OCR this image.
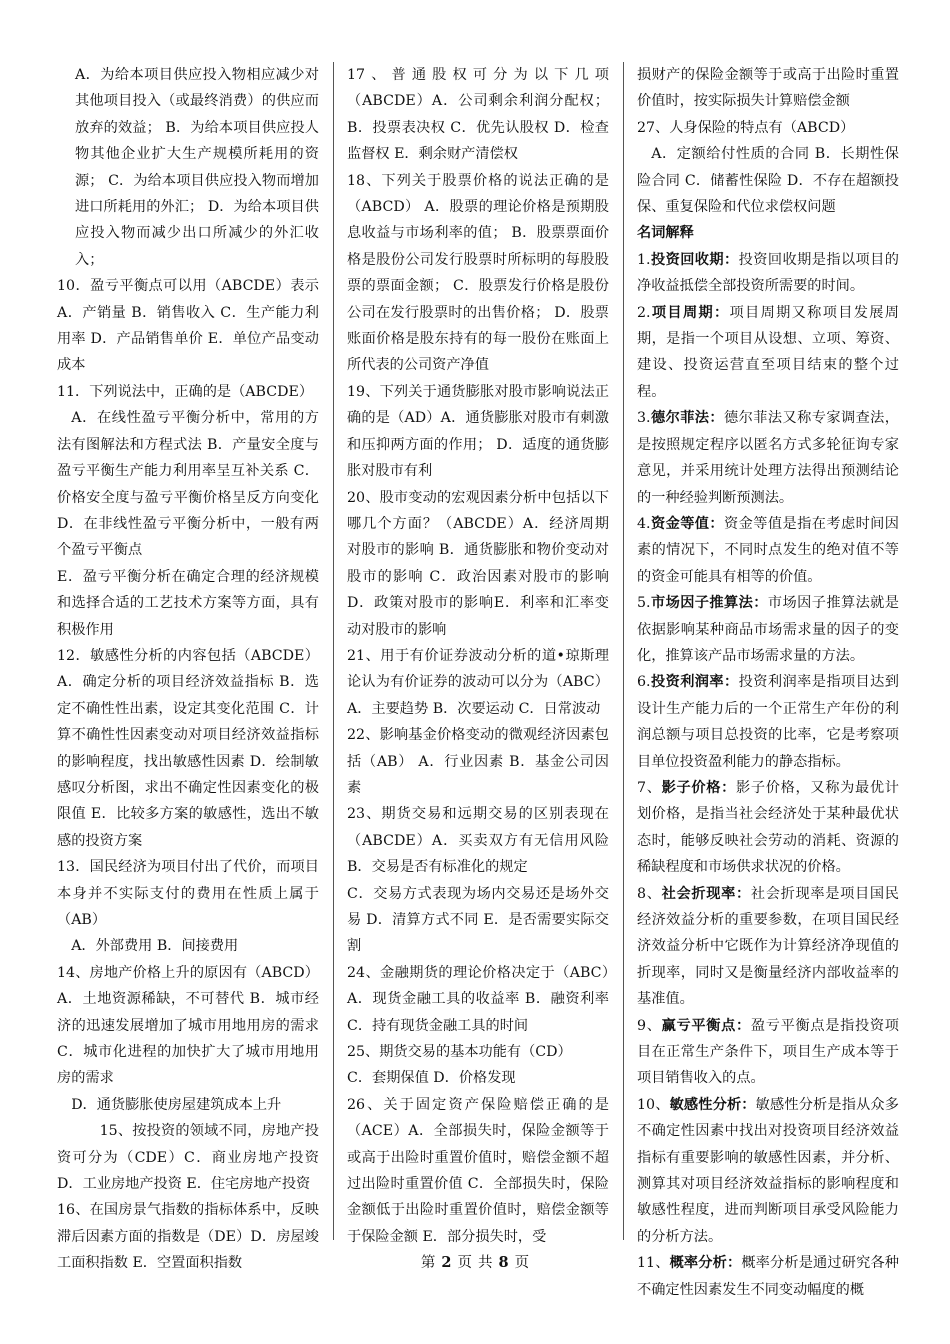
A．为给本项目供应投入物相应减少对其他项目投入（或最终消费）的供应而放弃的效益； B．为给本项目供应投人物其他企业扩大生产规模所耗用的资源； C．为给本项目供应投入物而增加进口所耗用的外汇； D．为给本项目供应投入物而减少出口所减少的外汇收入；

10．盈亏平衡点可以用（ABCDE）表示A．产销量 B．销售收入 C．生产能力利用率 D．产品销售单价 E．单位产品变动成本

11．下列说法中，正确的是（ABCDE）

A．在线性盈亏平衡分析中，常用的方法有图解法和方程式法 B．产量安全度与盈亏平衡生产能力利用率呈互补关系 C．价格安全度与盈亏平衡价格呈反方向变化 D．在非线性盈亏平衡分析中，一般有两个盈亏平衡点

E．盈亏平衡分析在确定合理的经济规模和选择合适的工艺技术方案等方面，具有积极作用

12．敏感性分析的内容包括（ABCDE）A．确定分析的项目经济效益指标 B．选定不确性性出素，设定其变化范围 C．计算不确性性因素变动对项目经济效益指标的影响程度，找出敏感性因素 D．绘制敏感叹分析图，求出不确定性因素变化的极限值 E．比较多方案的敏感性，选出不敏感的投资方案

13．国民经济为项目付出了代价，而项目本身并不实际支付的费用在性质上属于（AB）

A．外部费用 B．间接费用

14、房地产价格上升的原因有（ABCD）A．土地资源稀缺，不可替代 B．城市经济的迅速发展增加了城市用地用房的需求 C．城市化进程的加快扩大了城市用地用房的需求

D．通货膨胀使房屋建筑成本上升

15、按投资的领域不同，房地产投资可分为（CDE）C．商业房地产投资 D．工业房地产投资 E．住宅房地产投资

16、在国房景气指数的指标体系中，反映滞后因素方面的指数是（DE）D．房屋竣工面积指数 E．空置面积指数

17、普通股权可分为以下几项（ABCDE）A．公司剩余利润分配权； B．投票表决权 C．优先认股权 D．检查监督权 E．剩余财产清偿权

18、下列关于股票价格的说法正确的是（ABCD） A．股票的理论价格是预期股息收益与市场利率的值； B．股票票面价格是股份公司发行股票时所标明的每股股票的票面金额； C．股票发行价格是股份公司在发行股票时的出售价格； D．股票账面价格是股东持有的每一股份在账面上所代表的公司资产净值

19、下列关于通货膨胀对股市影响说法正确的是（AD）A．通货膨胀对股市有刺激和压抑两方面的作用； D．适度的通货膨胀对股市有利

20、股市变动的宏观因素分析中包括以下哪几个方面？（ABCDE）A．经济周期对股市的影响 B．通货膨胀和物价变动对股市的影响 C．政治因素对股市的影响 D．政策对股市的影响E．利率和汇率变动对股市的影响

21、用于有价证券波动分析的道•琼斯理论认为有价证券的波动可以分为（ABC）A．主要趋势 B．次要运动 C．日常波动

22、影响基金价格变动的微观经济因素包括（AB） A．行业因素 B．基金公司因素

23、期货交易和远期交易的区别表现在（ABCDE）A．买卖双方有无信用风险 B．交易是否有标准化的规定

C．交易方式表现为场内交易还是场外交易 D．清算方式不同 E．是否需要实际交割

24、金融期货的理论价格决定于（ABC）A．现货金融工具的收益率 B．融资利率 C．持有现货金融工具的时间

25、期货交易的基本功能有（CD）

C．套期保值 D．价格发现

26、关于固定资产保险赔偿正确的是（ACE）A．全部损失时，保险金额等于或高于出险时重置价值时，赔偿金额不超过出险时重置价值 C．全部损失时，保险金额低于出险时重置价值时，赔偿金额等于保险金额 E．部分损失时，受

损财产的保险金额等于或高于出险时重置价值时，按实际损失计算赔偿金额

27、人身保险的特点有（ABCD）

A．定额给付性质的合同 B．长期性保险合同 C．储蓄性保险 D．不存在超额投保、重复保险和代位求偿权问题

名词解释

1.投资回收期：投资回收期是指以项目的净收益抵偿全部投资所需要的时间。

2.项目周期：项目周期又称项目发展周期，是指一个项目从设想、立项、筹资、建设、投资运营直至项目结束的整个过程。

3.德尔菲法：德尔菲法又称专家调查法，是按照规定程序以匿名方式多轮征询专家意见，并采用统计处理方法得出预测结论的一种经验判断预测法。

4.资金等值：资金等值是指在考虑时间因素的情况下，不同时点发生的绝对值不等的资金可能具有相等的价值。

5.市场因子推算法：市场因子推算法就是依据影响某种商品市场需求量的因子的变化，推算该产品市场需求量的方法。

6.投资利润率：投资利润率是指项目达到设计生产能力后的一个正常生产年份的利润总额与项目总投资的比率，它是考察项目单位投资盈利能力的静态指标。

7、影子价格：影子价格，又称为最优计划价格，是指当社会经济处于某种最优状态时，能够反映社会劳动的消耗、资源的稀缺程度和市场供求状况的价格。

8、社会折现率：社会折现率是项目国民经济效益分析的重要参数，在项目国民经济效益分析中它既作为计算经济净现值的折现率，同时又是衡量经济内部收益率的基准值。

9、赢亏平衡点：盈亏平衡点是指投资项目在正常生产条件下，项目生产成本等于项目销售收入的点。

10、敏感性分析：敏感性分析是指从众多不确定性因素中找出对投资项目经济效益指标有重要影响的敏感性因素，并分析、测算其对项目经济效益指标的影响程度和敏感性程度，进而判断项目承受风险能力的分析方法。

11、概率分析：概率分析是通过研究各种不确定性因素发生不同变动幅度的概

第 2 页 共 8 页
